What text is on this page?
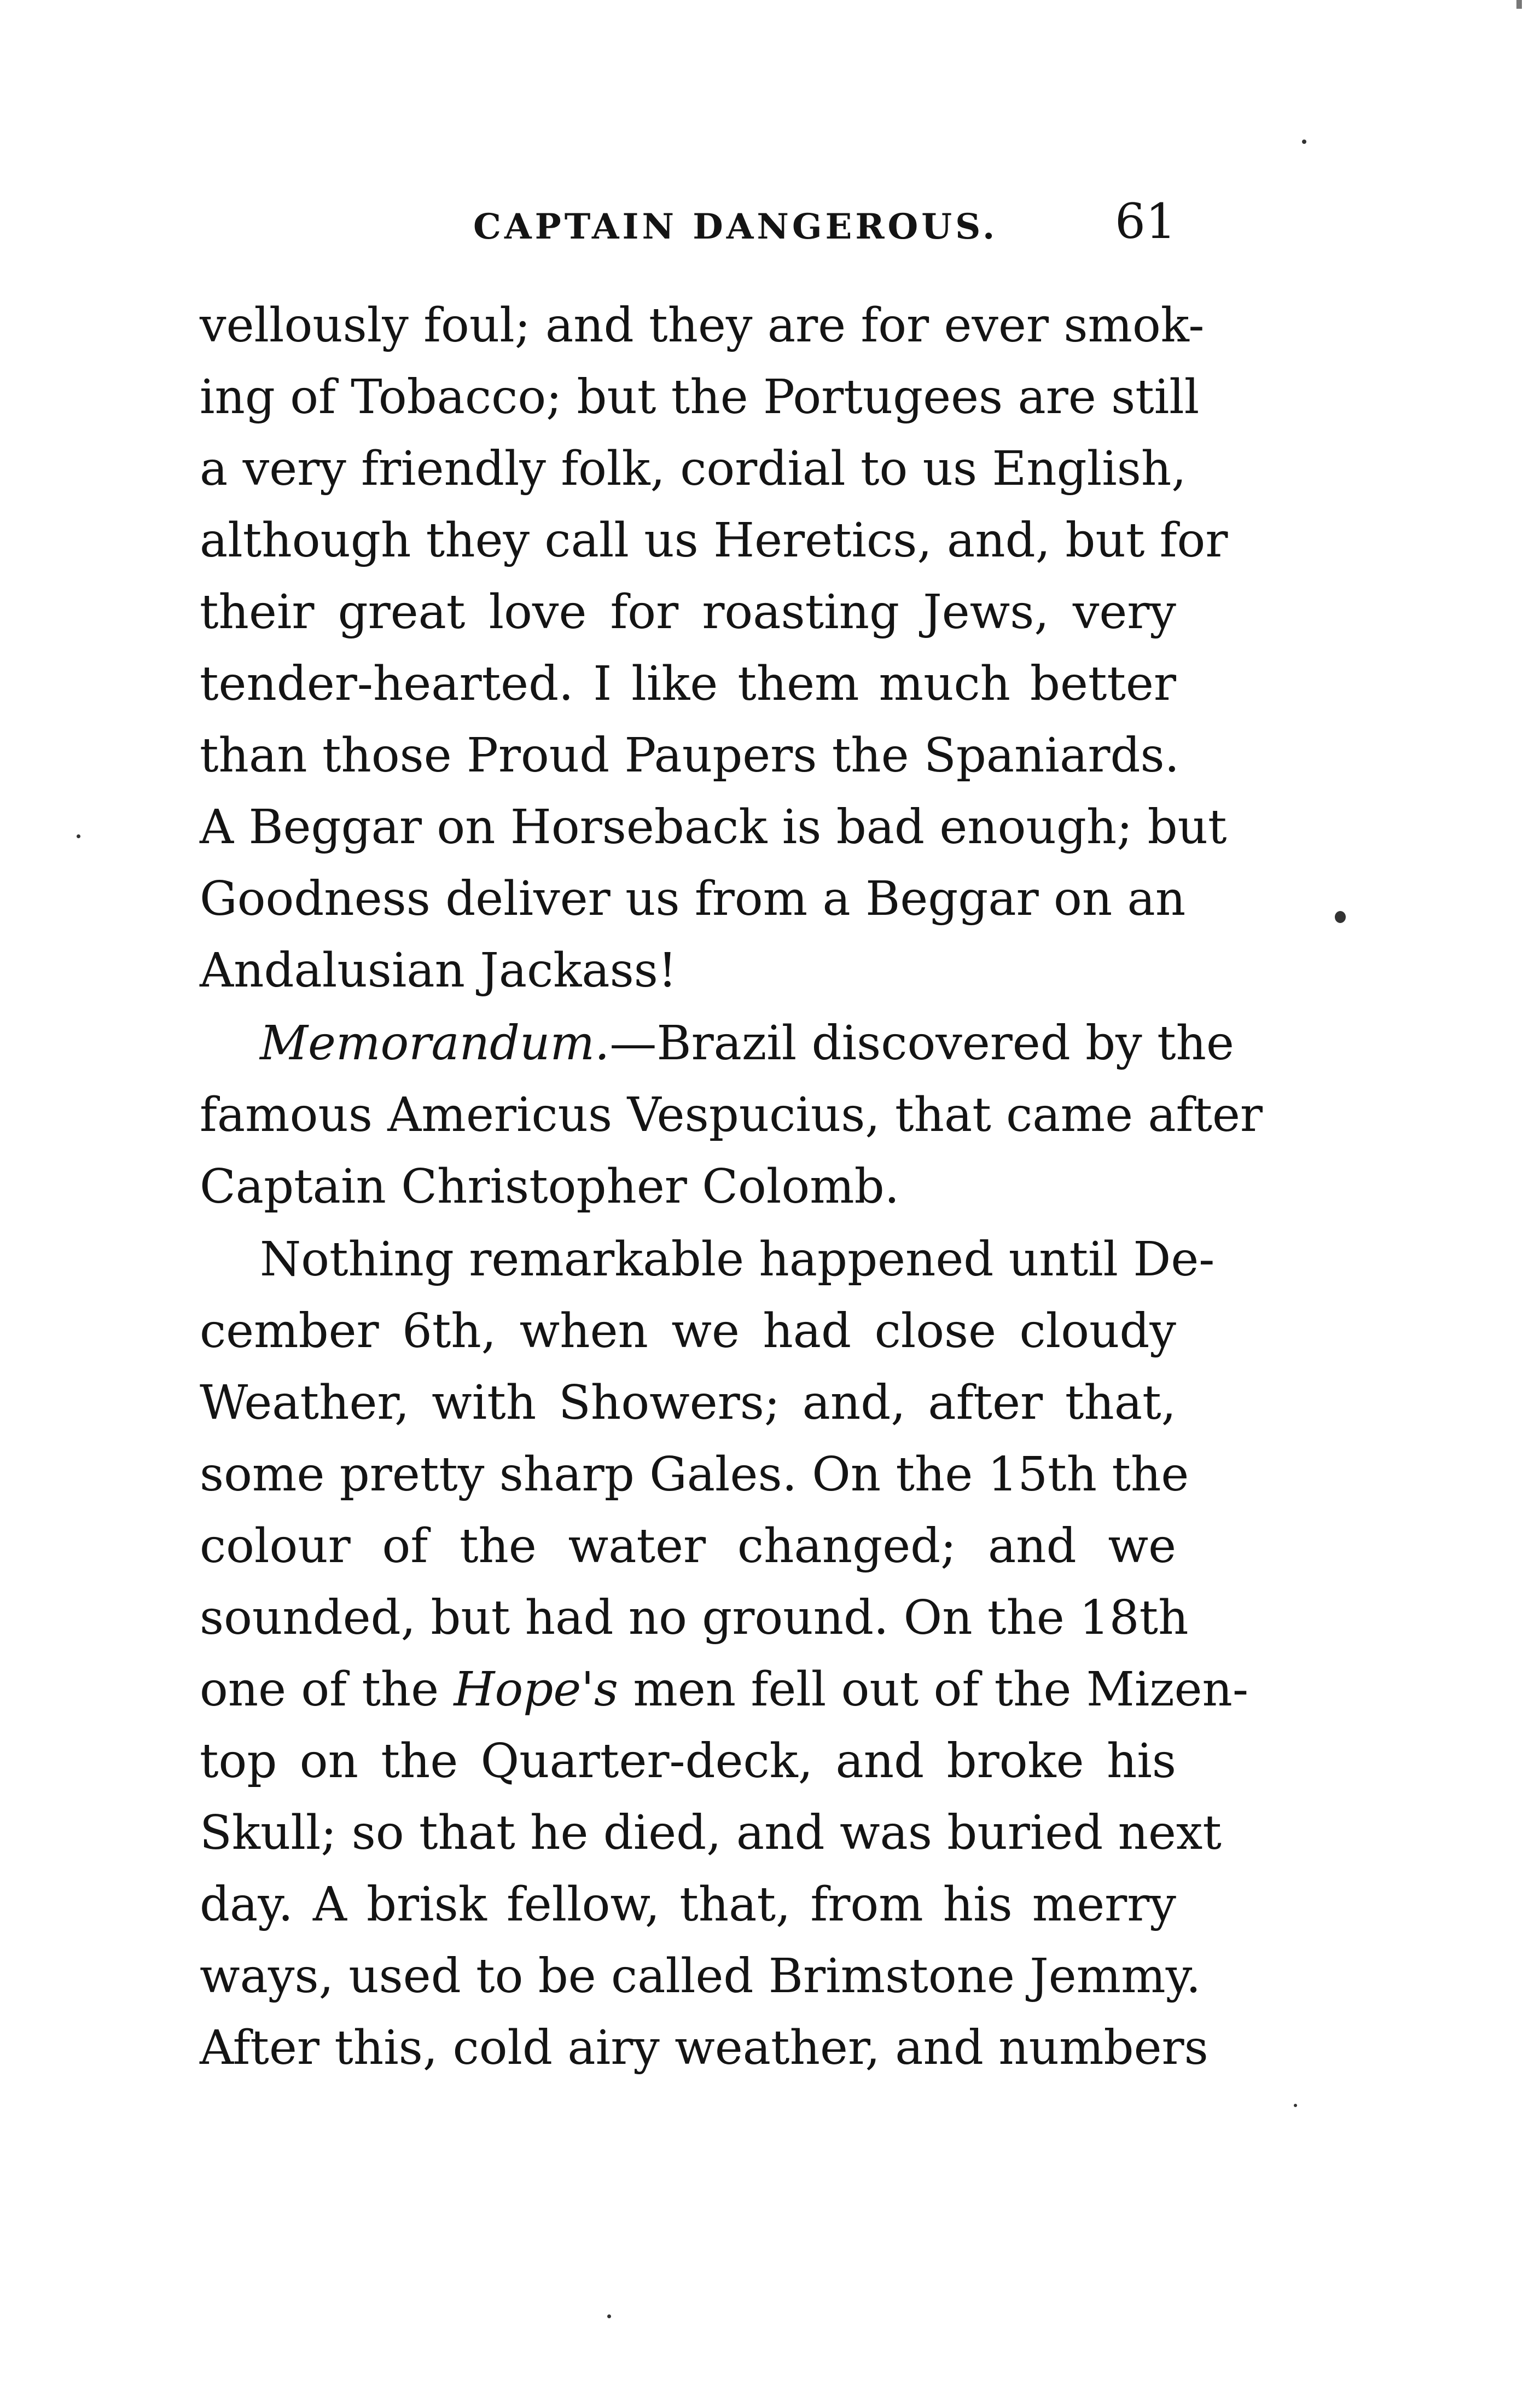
CAPTAIN DANGEROUS. 61
vellously foul; and they are for ever smok-
ing of Tobacco; but the Portugees are still
a very friendly folk, cordial to us English,
although they call us Heretics, and, but for
their great love for roasting Jews, very
tender-hearted. I like them much better
than those Proud Paupers the Spaniards.
A Beggar on Horseback is bad enough; but
Goodness deliver us from a Beggar on an
Andalusian Jackass!
Memorandum.—Brazil discovered by the
famous Americus Vespucius, that came after
Captain Christopher Colomb.
Nothing remarkable happened until De-
cember 6th, when we had close cloudy
Weather, with Showers; and, after that,
some pretty sharp Gales. On the 15th the
colour of the water changed; and we
sounded, but had no ground. On the 18th
one of the Hope's men fell out of the Mizen-
top on the Quarter-deck, and broke his
Skull; so that he died, and was buried next
day. A brisk fellow, that, from his merry
ways, used to be called Brimstone Jemmy.
After this, cold airy weather, and numbers
